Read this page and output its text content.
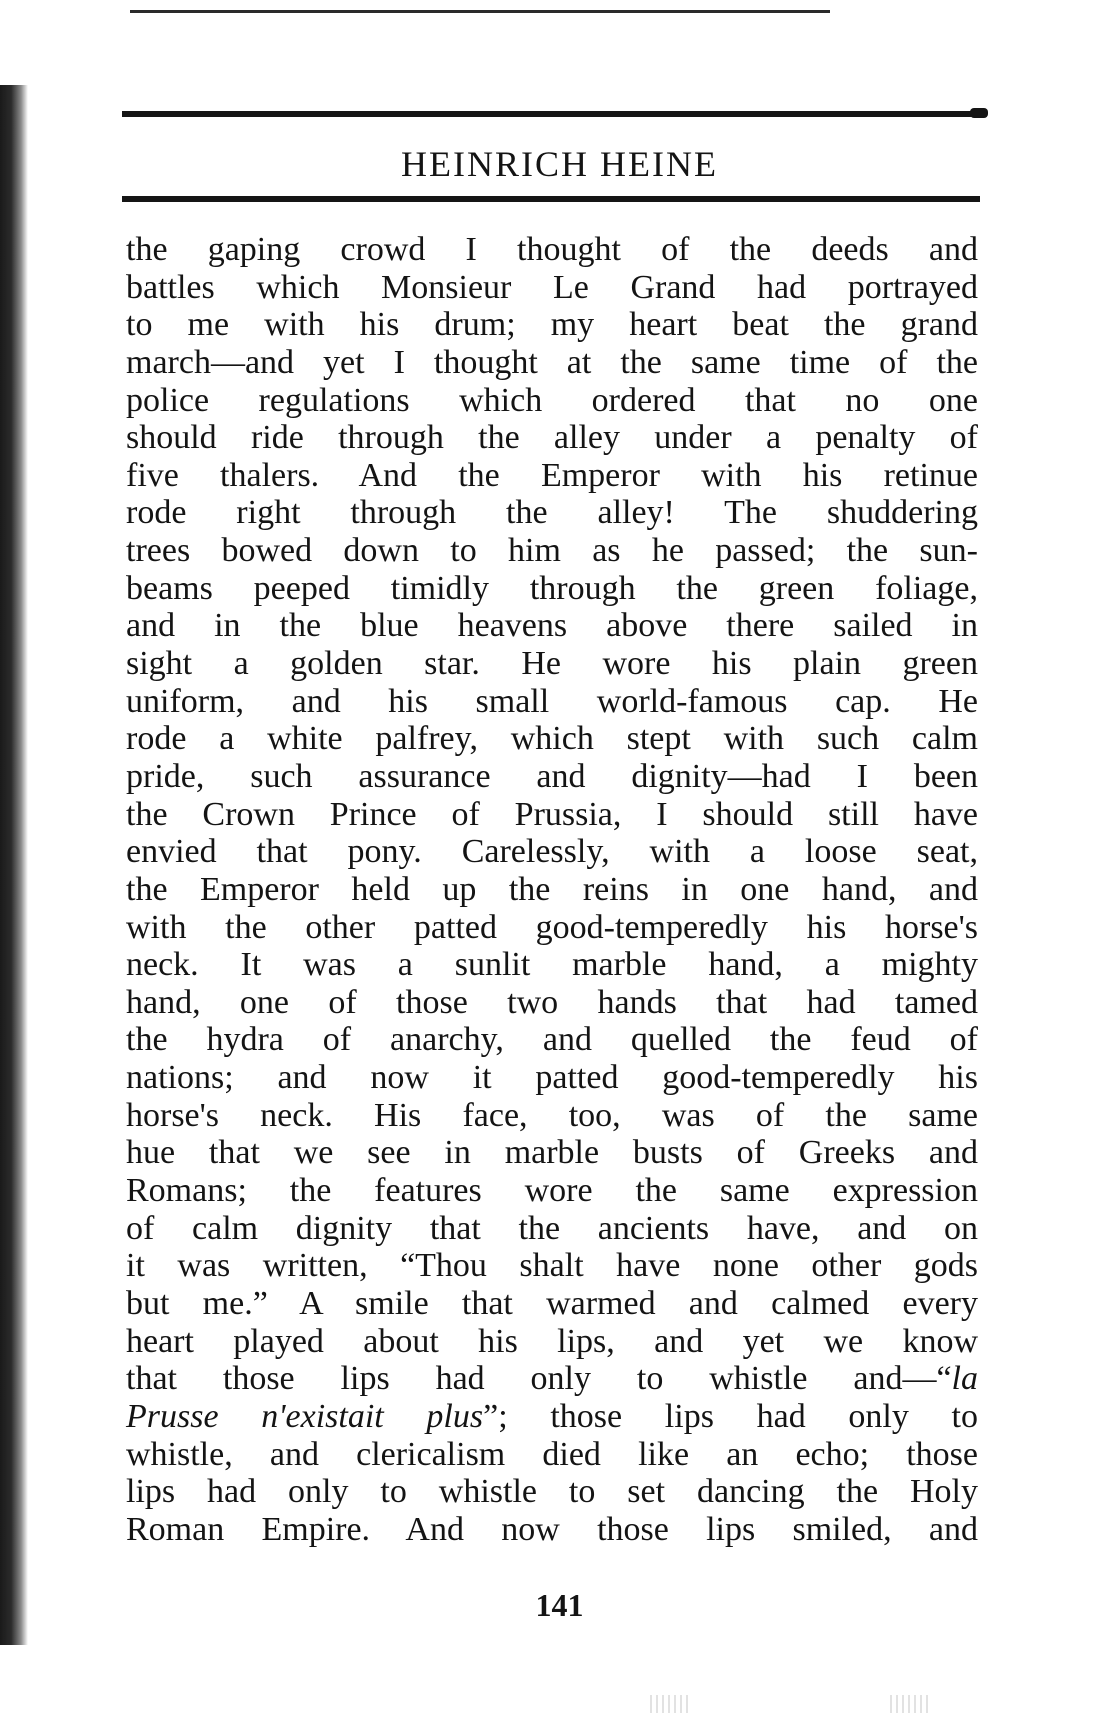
HEINRICH HEINE
the gaping crowd I thought of the deeds and
battles which Monsieur Le Grand had portrayed
to me with his drum; my heart beat the grand
march—and yet I thought at the same time of the
police regulations which ordered that no one
should ride through the alley under a penalty of
five thalers. And the Emperor with his retinue
rode right through the alley! The shuddering
trees bowed down to him as he passed; the sun-
beams peeped timidly through the green foliage,
and in the blue heavens above there sailed in
sight a golden star. He wore his plain green
uniform, and his small world-famous cap. He
rode a white palfrey, which stept with such calm
pride, such assurance and dignity—had I been
the Crown Prince of Prussia, I should still have
envied that pony. Carelessly, with a loose seat,
the Emperor held up the reins in one hand, and
with the other patted good-temperedly his horse's
neck. It was a sunlit marble hand, a mighty
hand, one of those two hands that had tamed
the hydra of anarchy, and quelled the feud of
nations; and now it patted good-temperedly his
horse's neck. His face, too, was of the same
hue that we see in marble busts of Greeks and
Romans; the features wore the same expression
of calm dignity that the ancients have, and on
it was written, “Thou shalt have none other gods
but me.” A smile that warmed and calmed every
heart played about his lips, and yet we know
that those lips had only to whistle and—“la
Prusse n'existait plus”; those lips had only to
whistle, and clericalism died like an echo; those
lips had only to whistle to set dancing the Holy
Roman Empire. And now those lips smiled, and
141
